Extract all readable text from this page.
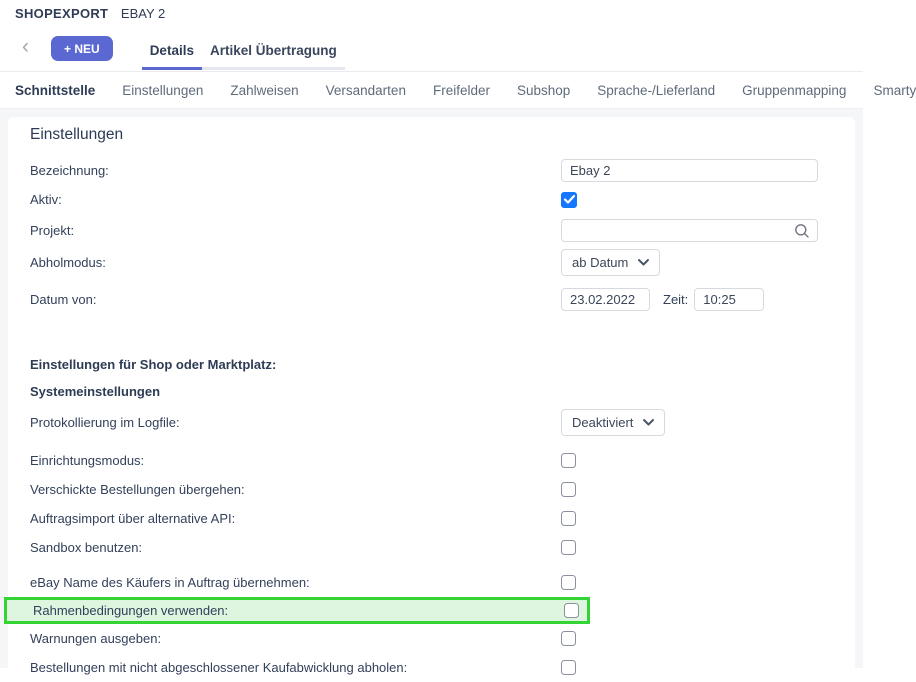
SHOPEXPORT EBAY 2
‹	+ NEU	Details	Artikel Übertragung
Schnittstelle Einstellungen Zahlweisen Versandarten Freifelder Subshop Sprache-/Lieferland Gruppenmapping Smarty
Einstellungen
Bezeichnung:
Ebay 2
Aktiv:
Projekt:
Abholmodus:	ab Datum
Datum von:
23.02.2022	Zeit:
10:25
Einstellungen für Shop oder Marktplatz:
Systemeinstellungen
Protokollierung im Logfile:	Deaktiviert
Einrichtungsmodus:
Verschickte Bestellungen übergehen:
Auftragsimport über alternative API:
Sandbox benutzen:
eBay Name des Käufers in Auftrag übernehmen:
Rahmenbedingungen verwenden:
Warnungen ausgeben:
Bestellungen mit nicht abgeschlossener Kaufabwicklung abholen:
